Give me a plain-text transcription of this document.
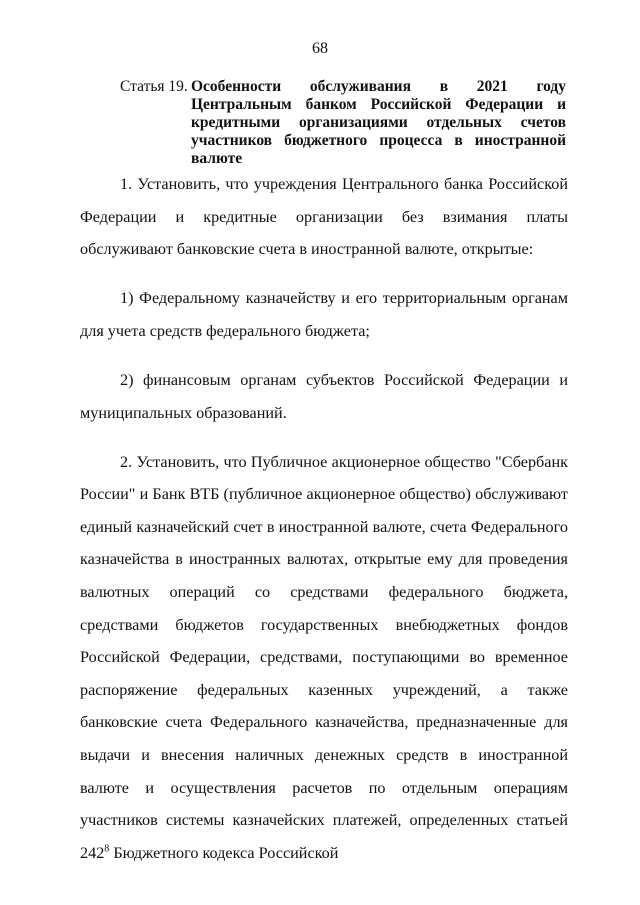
68
Статья 19. Особенности обслуживания в 2021 году Центральным банком Российской Федерации и кредитными организациями отдельных счетов участников бюджетного процесса в иностранной валюте

1. Установить, что учреждения Центрального банка Российской Федерации и кредитные организации без взимания платы обслуживают банковские счета в иностранной валюте, открытые:

1) Федеральному казначейству и его территориальным органам для учета средств федерального бюджета;

2) финансовым органам субъектов Российской Федерации и муниципальных образований.

2. Установить, что Публичное акционерное общество "Сбербанк России" и Банк ВТБ (публичное акционерное общество) обслуживают единый казначейский счет в иностранной валюте, счета Федерального казначейства в иностранных валютах, открытые ему для проведения валютных операций со средствами федерального бюджета, средствами бюджетов государственных внебюджетных фондов Российской Федерации, средствами, поступающими во временное распоряжение федеральных казенных учреждений, а также банковские счета Федерального казначейства, предназначенные для выдачи и внесения наличных денежных средств в иностранной валюте и осуществления расчетов по отдельным операциям участников системы казначейских платежей, определенных статьей $242^8$ Бюджетного кодекса Российской
